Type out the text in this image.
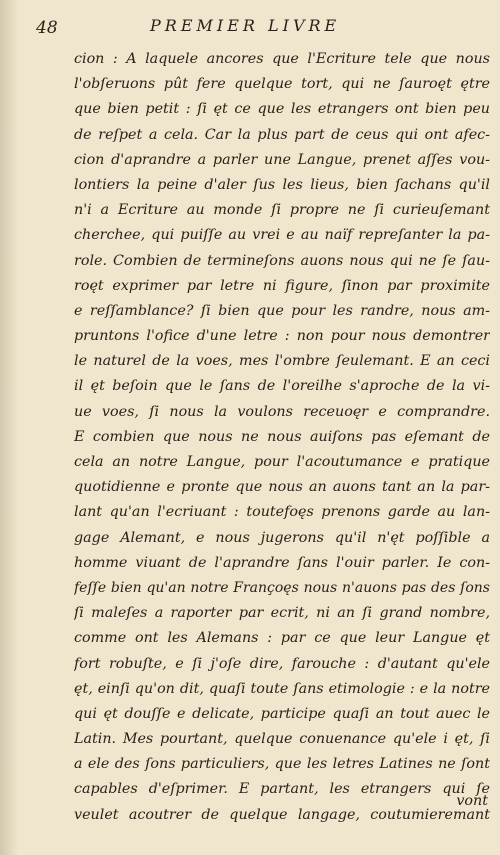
48	PREMIER LIVRE
cion : A laquele ancores que l'Ecriture tele que nous
l'obſeruons pût fere quelque tort, qui ne ſauroęt ętre
que bien petit : ſi ęt ce que les etrangers ont bien peu
de reſpet a cela. Car la plus part de ceus qui ont afec-
cion d'aprandre a parler une Langue, prenet aſſes vou-
lontiers la peine d'aler ſus les lieus, bien ſachans qu'il
n'i a Ecriture au monde ſi propre ne ſi curieuſemant
cherchee, qui puiſſe au vrei e au naïf repreſanter la pa-
role. Combien de termineſons auons nous qui ne ſe ſau-
roęt exprimer par letre ni figure, ſinon par proximite
e reſſamblance? ſi bien que pour les randre, nous am-
pruntons l'ofice d'une letre : non pour nous demontrer
le naturel de la voes, mes l'ombre ſeulemant. E an ceci
il ęt beſoin que le ſans de l'oreilhe s'aproche de la vi-
ue voes, ſi nous la voulons receuoęr e comprandre.
E combien que nous ne nous auiſons pas eſemant de
cela an notre Langue, pour l'acoutumance e pratique
quotidienne e pronte que nous an auons tant an la par-
lant qu'an l'ecriuant : toutefoęs prenons garde au lan-
gage Alemant, e nous jugerons qu'il n'ęt poſſible a
homme viuant de l'aprandre ſans l'ouir parler. Ie con-
feſſe bien qu'an notre Françoęs nous n'auons pas des ſons
ſi maleſes a raporter par ecrit, ni an ſi grand nombre,
comme ont les Alemans : par ce que leur Langue ęt
fort robuſte, e ſi j'oſe dire, farouche : d'autant qu'ele
ęt, einſi qu'on dit, quaſi toute ſans etimologie : e la notre
qui ęt douſſe e delicate, participe quaſi an tout auec le
Latin. Mes pourtant, quelque conuenance qu'ele i ęt, ſi
a ele des ſons particuliers, que les letres Latines ne ſont
capables d'eſprimer. E partant, les etrangers qui ſe
veulet acoutrer de quelque langage, coutumieremant
vont
